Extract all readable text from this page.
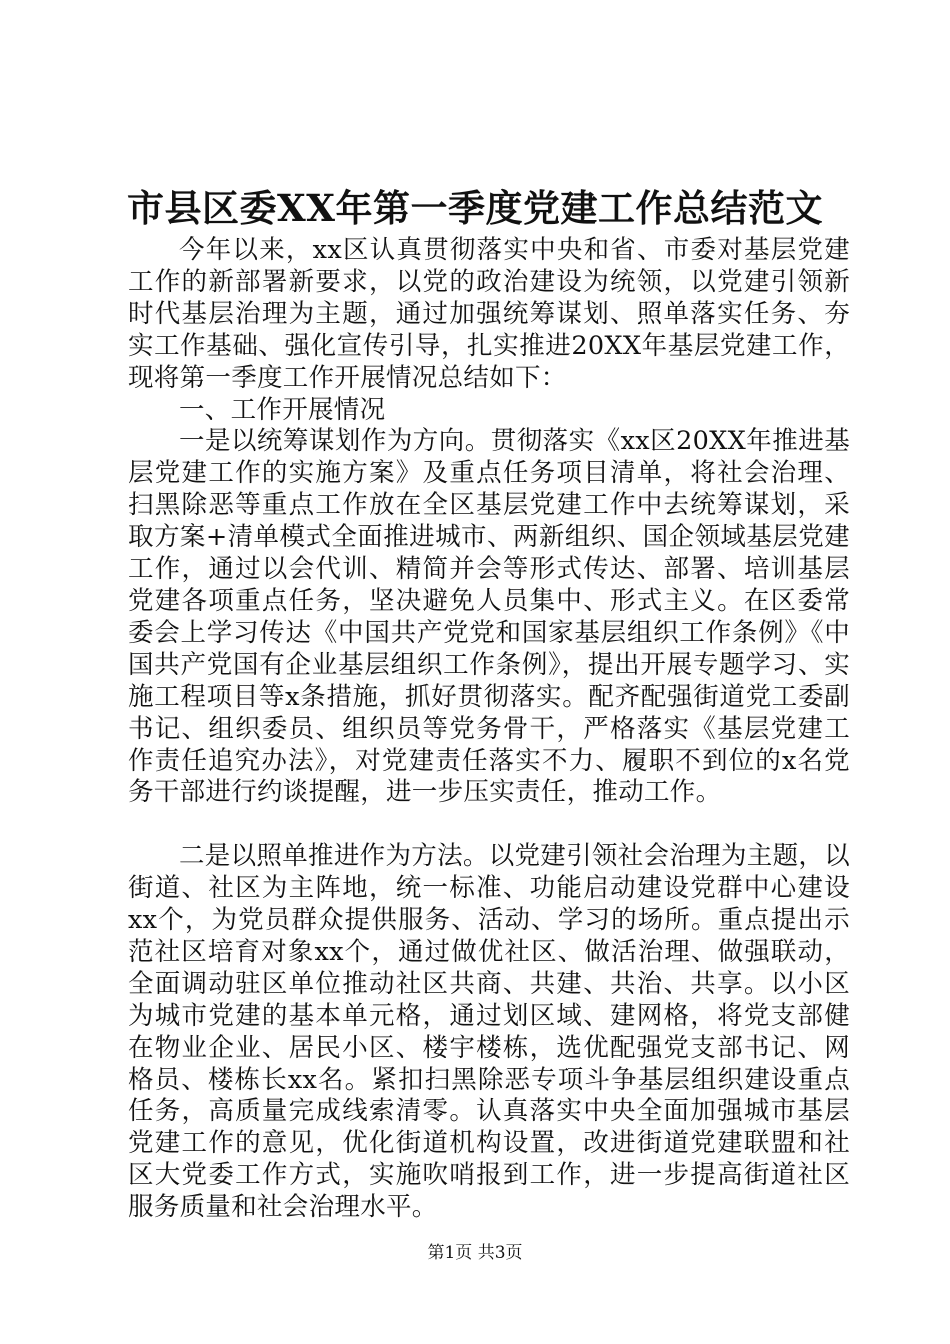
市县区委XX年第一季度党建工作总结范文

今年以来，xx区认真贯彻落实中央和省、市委对基层党建工作的新部署新要求，以党的政治建设为统领，以党建引领新时代基层治理为主题，通过加强统筹谋划、照单落实任务、夯实工作基础、强化宣传引导，扎实推进20XX年基层党建工作，现将第一季度工作开展情况总结如下：

一、工作开展情况

一是以统筹谋划作为方向。贯彻落实《xx区20XX年推进基层党建工作的实施方案》及重点任务项目清单，将社会治理、扫黑除恶等重点工作放在全区基层党建工作中去统筹谋划，采取方案+清单模式全面推进城市、两新组织、国企领域基层党建工作，通过以会代训、精简并会等形式传达、部署、培训基层党建各项重点任务，坚决避免人员集中、形式主义。在区委常委会上学习传达《中国共产党党和国家基层组织工作条例》《中国共产党国有企业基层组织工作条例》，提出开展专题学习、实施工程项目等x条措施，抓好贯彻落实。配齐配强街道党工委副书记、组织委员、组织员等党务骨干，严格落实《基层党建工作责任追究办法》，对党建责任落实不力、履职不到位的x名党务干部进行约谈提醒，进一步压实责任，推动工作。

二是以照单推进作为方法。以党建引领社会治理为主题，以街道、社区为主阵地，统一标准、功能启动建设党群中心建设xx个，为党员群众提供服务、活动、学习的场所。重点提出示范社区培育对象xx个，通过做优社区、做活治理、做强联动，全面调动驻区单位推动社区共商、共建、共治、共享。以小区为城市党建的基本单元格，通过划区域、建网格，将党支部健在物业企业、居民小区、楼宇楼栋，选优配强党支部书记、网格员、楼栋长xx名。紧扣扫黑除恶专项斗争基层组织建设重点任务，高质量完成线索清零。认真落实中央全面加强城市基层党建工作的意见，优化街道机构设置，改进街道党建联盟和社区大党委工作方式，实施吹哨报到工作，进一步提高街道社区服务质量和社会治理水平。

第1页 共3页
